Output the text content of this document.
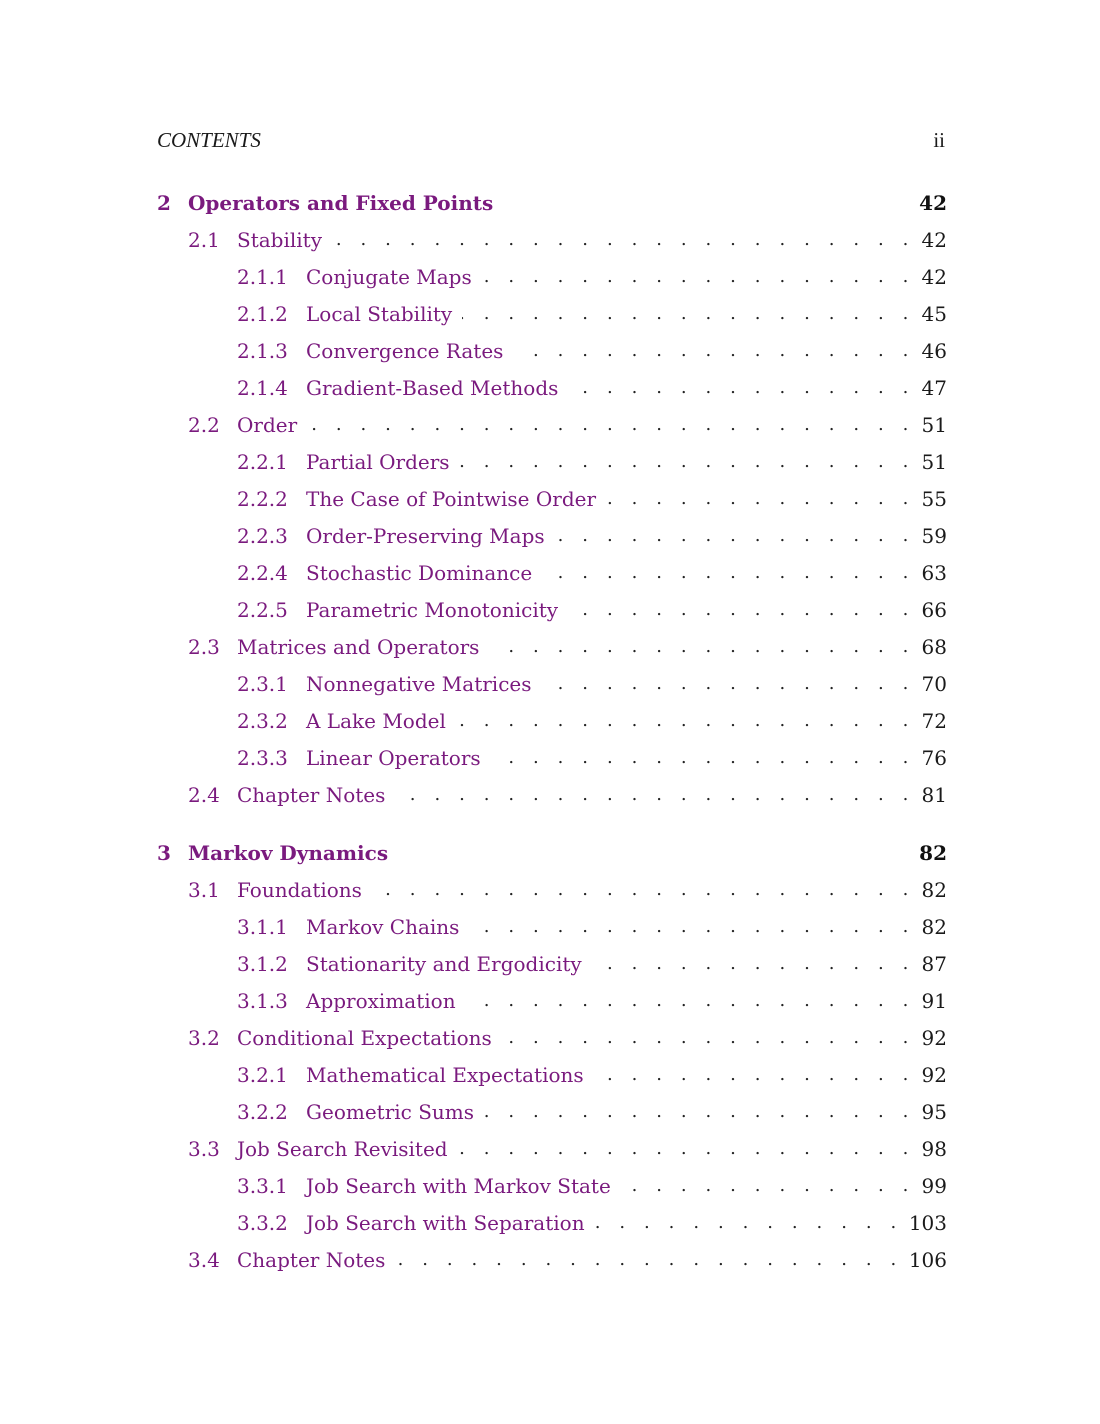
CONTENTS	ii
2 Operators and Fixed Points	42
2.1 Stability . . .	42
2.1.1 Conjugate Maps . . .	42
2.1.2 Local Stability . . .	45
2.1.3 Convergence Rates . . .	46
2.1.4 Gradient-Based Methods . . .	47
2.2 Order . . .	51
2.2.1 Partial Orders . . .	51
2.2.2 The Case of Pointwise Order . . .	55
2.2.3 Order-Preserving Maps . . .	59
2.2.4 Stochastic Dominance . . .	63
2.2.5 Parametric Monotonicity . . .	66
2.3 Matrices and Operators . . .	68
2.3.1 Nonnegative Matrices . . .	70
2.3.2 A Lake Model . . .	72
2.3.3 Linear Operators . . .	76
2.4 Chapter Notes . . .	81
3 Markov Dynamics	82
3.1 Foundations . . .	82
3.1.1 Markov Chains . . .	82
3.1.2 Stationarity and Ergodicity . . .	87
3.1.3 Approximation . . .	91
3.2 Conditional Expectations . . .	92
3.2.1 Mathematical Expectations . . .	92
3.2.2 Geometric Sums . . .	95
3.3 Job Search Revisited . . .	98
3.3.1 Job Search with Markov State . . .	99
3.3.2 Job Search with Separation . . .	103
3.4 Chapter Notes . . .	106
